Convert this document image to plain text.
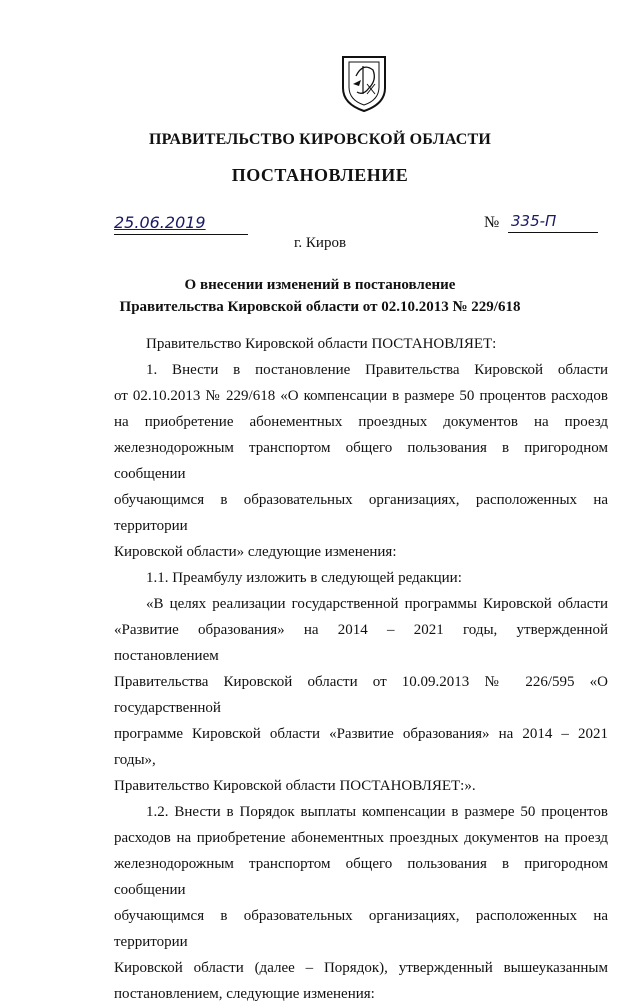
ПРАВИТЕЛЬСТВО КИРОВСКОЙ ОБЛАСТИ
ПОСТАНОВЛЕНИЕ
25.06.2019	№ 335-П
г. Киров
О внесении изменений в постановление
Правительства Кировской области от 02.10.2013 № 229/618

Правительство Кировской области ПОСТАНОВЛЯЕТ:

1. Внести в постановление Правительства Кировской области

от 02.10.2013 № 229/618 «О компенсации в размере 50 процентов расходов

на приобретение абонементных проездных документов на проезд

железнодорожным транспортом общего пользования в пригородном сообщении

обучающимся в образовательных организациях, расположенных на территории

Кировской области» следующие изменения:

1.1. Преамбулу изложить в следующей редакции:

«В целях реализации государственной программы Кировской области

«Развитие образования» на 2014 – 2021 годы, утвержденной постановлением

Правительства Кировской области от 10.09.2013 № 226/595 «О государственной

программе Кировской области «Развитие образования» на 2014 – 2021 годы»,

Правительство Кировской области ПОСТАНОВЛЯЕТ:».

1.2. Внести в Порядок выплаты компенсации в размере 50 процентов

расходов на приобретение абонементных проездных документов на проезд

железнодорожным транспортом общего пользования в пригородном сообщении

обучающимся в образовательных организациях, расположенных на территории

Кировской области (далее – Порядок), утвержденный вышеуказанным

постановлением, следующие изменения:
